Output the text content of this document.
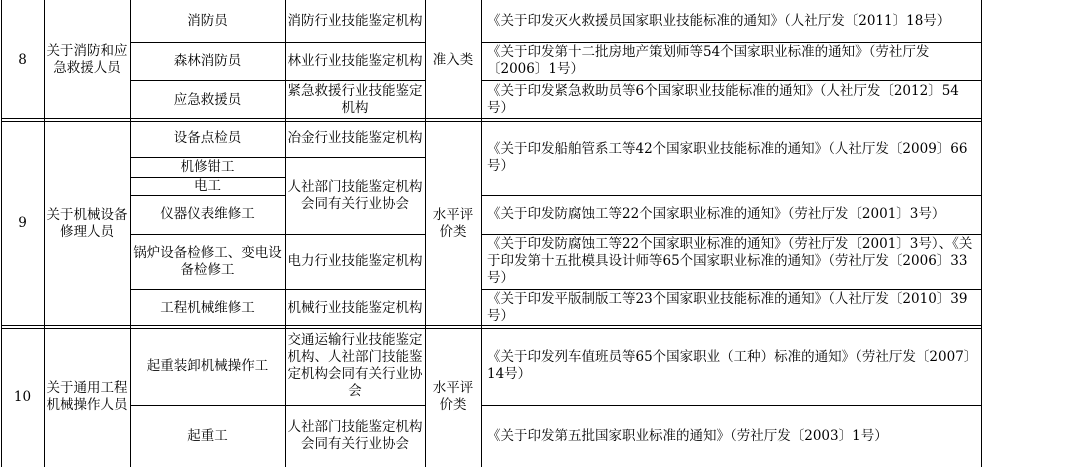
8
关于消防和应急救援人员
消防员
森林消防员
应急救援员
消防行业技能鉴定机构
林业行业技能鉴定机构
紧急救援行业技能鉴定机构
准入类
《关于印发灭火救援员国家职业技能标准的通知》（人社厅发〔2011〕18号）
《关于印发第十二批房地产策划师等54个国家职业标准的通知》（劳社厅发〔2006〕1号）
《关于印发紧急救助员等6个国家职业技能标准的通知》（人社厅发〔2012〕54号）
9
关于机械设备修理人员
设备点检员
机修钳工
电工
仪器仪表维修工
锅炉设备检修工、变电设备检修工
工程机械维修工
冶金行业技能鉴定机构
人社部门技能鉴定机构会同有关行业协会
电力行业技能鉴定机构
机械行业技能鉴定机构
水平评价类
《关于印发船舶管系工等42个国家职业技能标准的通知》（人社厅发〔2009〕66号）
《关于印发防腐蚀工等22个国家职业标准的通知》（劳社厅发〔2001〕3号）
《关于印发防腐蚀工等22个国家职业标准的通知》（劳社厅发〔2001〕3号）、《关于印发第十五批模具设计师等65个国家职业标准的通知》（劳社厅发〔2006〕33号）
《关于印发平版制版工等23个国家职业技能标准的通知》（人社厅发〔2010〕39号）
10
关于通用工程机械操作人员
起重装卸机械操作工
起重工
交通运输行业技能鉴定机构、人社部门技能鉴定机构会同有关行业协会
人社部门技能鉴定机构会同有关行业协会
水平评价类
《关于印发列车值班员等65个国家职业（工种）标准的通知》（劳社厅发〔2007〕14号）
《关于印发第五批国家职业标准的通知》（劳社厅发〔2003〕1号）
